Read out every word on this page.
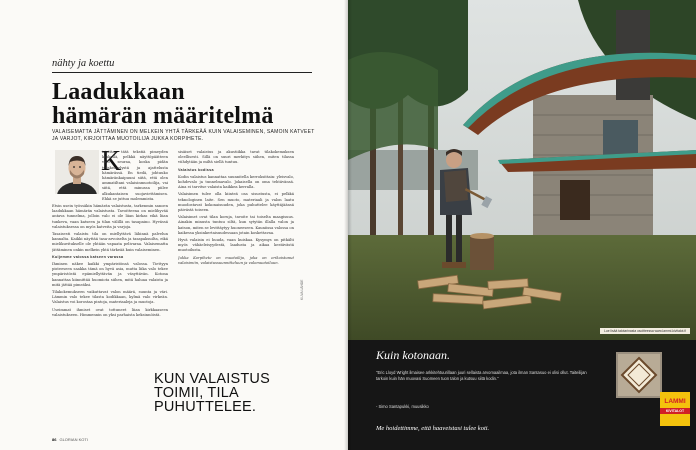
nähty ja koettu
Laadukkaan
hämärän määritelmä
VALAISEMATTA JÄTTÄMINEN ON MELKEIN YHTÄ TÄRKEÄÄ KUIN VALAISEMINEN, SAMOIN KATVEET JA VARJOT, KIRJOITTAA MUOTOILIJA JUKKA KORPIHETE.
K

irjoittaa tätä tekstiä pimeyden keskellä, pelkkä näyttöpäätteen valo seuraa, koska pidän työskentelystä ja ajattelusta hämärässä. En tiedä, johtuuko hämäränkaipuuni siitä, että olen ammatiltani valaisinmuotoilija, vai siitä, että minussa piilee alkukantaisen suojaviettämisen. Ehkä se juttuu molemmista.

Etsin usein työssäkin hämärän valaistusta, tarkenmin sanoen laadukkaan hämärän valaistusta. Tavoitteena on mielihyvää antava tunnelma, jolloin valo ei ole liian kirkas eikä liian tunkeva, vaan katseen ja tilan välillä on tasapaino. Hyvässä valaistuksessa on myös katveita ja varjoja.

Tasaisesti valaistu tila on miellyttävä lähinnä palvelun kannalta. Kaikki näyttää tasa-arvoiselta ja tasapaksuilta, eikä mielikuvitukselle ole yhtään vapaata pelivaraa. Valaisematta jättäminen onkin melkein yhtä tärkeää kuin valaiseminen.

Kuljemme valossa katseen varassa

Ihminen näkee kaikki ympäristönsä valossa. Tiettyyn pisteeseen saakka tämä on hyvä asia, mutta liika valo tekee ympäristöstä epämiellyttävän ja väsyttävän. Kotona kannattaa kiinnittää huomiota siihen, mitä haluaa valaista ja mitä jättää pimeäksi.

Tilakokemukseen vaikuttavat valon määrä, suunta ja väri. Lämmin valo tekee tilasta kodikkaan, kylmä valo virkeän. Valaistus voi korostaa pintoja, materiaaleja ja muotoja.

Useimmat ihmiset ovat tottuneet liian kirkkaaseen valaistukseen. Himmennin on yksi parhaista keksinnöistä.

sisäiset valaistus ja akustiikka tavat tilakokemuksen oleellisesti. Sillä on suuri merkitys siihen, miten tilassa viihdytään ja miltä siellä tuntuu.

Valaistus kodissa

Kodin valaistus kannattaa suunnitella kerroksittain: yleisvalo, kohdevalo ja tunnelmavalo. Jokaisella on oma tehtävänsä. Aina ei tarvitse valaista kaikkea kerralla.

Valaisimen tulee olla kiinteä osa sisustusta, ei pelkkä teknologinen laite. Sen muoto, materiaali ja valon laatu muodostavat kokonaisuuden, joka puhuttelee käyttäjäänsä päivästä toiseen.

Valaisimet ovat tilan koruja, tavoite tai toiselta maagisuus. Ainakin minusta tuntuu siltä, kun sytytän illalla valon ja katson, miten se levittäytyy huoneeseen. Kauniissa valossa on kaikessa yksinkertaisuudessaan jotain koskettavaa.

Hyvä valaisin ei huuda, vaan kuiskaa. Kysymys on pitkälti myös vähäeleisyydestä, laadusta ja aikaa kestävästä muotoilusta.

Jukka Korpihete on muotoilija, joka on erikoistunut valaisimiin, valaistussuunnitteluun ja valomuotoiluun.

KUN VALAISTUS
TOIMII, TILA
PUHUTTELEE.
86 GLORIAN KOTI
KUVA LÄHDE
Lue lisää talotarinasta osoitteessa www.lammi-kivitalot.fi
Kuin kotonaan.
"Eric Lloyd Wright ilmaisee arkkitehtuurillaan juuri sellaista arvomaailmaa, jota ilman Santasuo ei olisi ollut. Taiteilijan tarkoin kuin hän muovasi Suomeen tuon talon ja kutsuu siitä kodin."
- Simo Santapukki, muusikko
Me hoidettimme, että haaveistasi tulee koti.
LAMMI
KIVITALOT
